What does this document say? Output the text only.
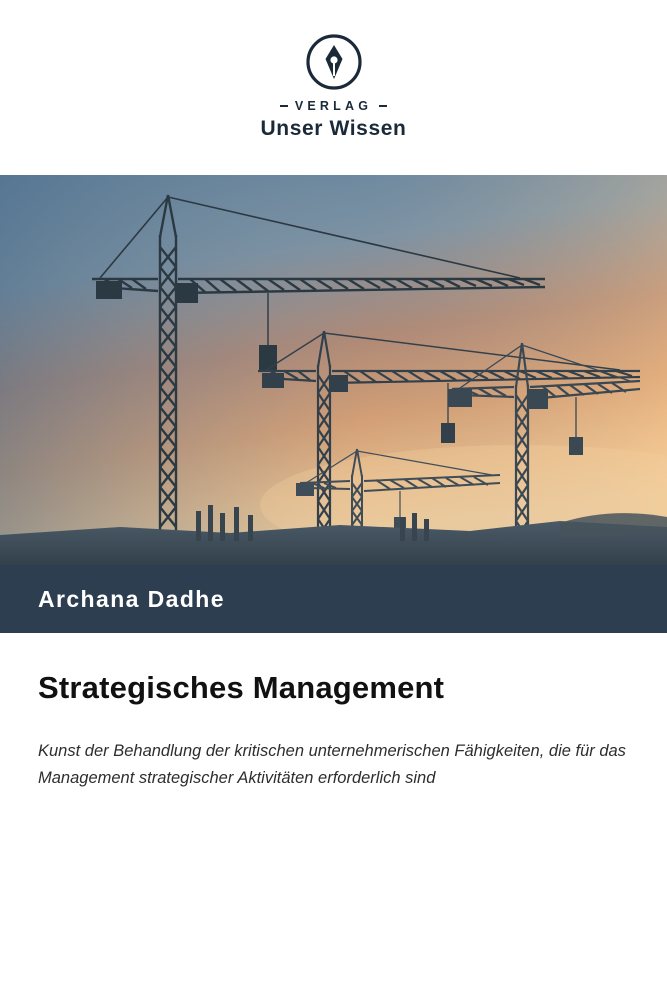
VERLAG
Unser Wissen
Archana Dadhe
Strategisches Management

Kunst der Behandlung der kritischen unternehmerischen Fähigkeiten, die für das Management strategischer Aktivitäten erforderlich sind
